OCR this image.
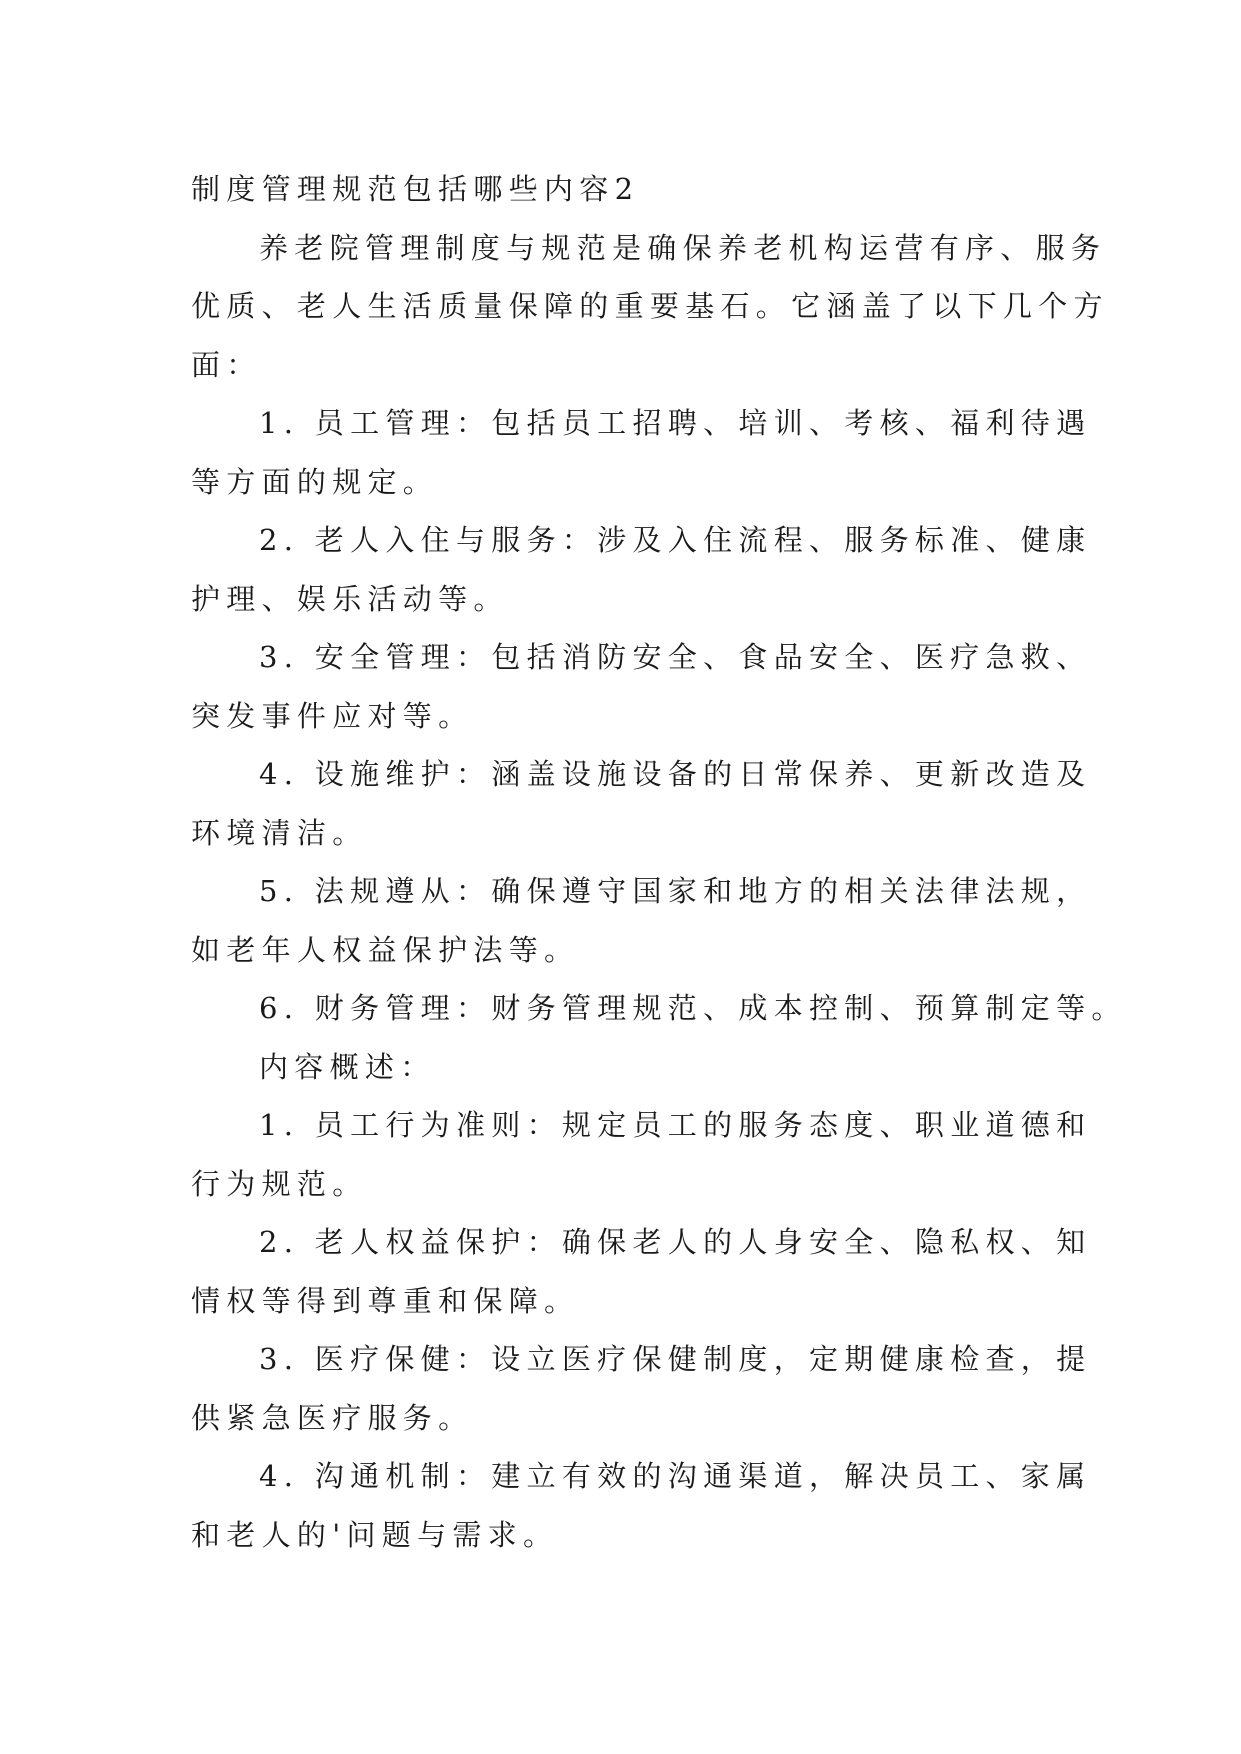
制度管理规范包括哪些内容2
养老院管理制度与规范是确保养老机构运营有序、服务
优质、老人生活质量保障的重要基石。它涵盖了以下几个方
面：
1. 员工管理：包括员工招聘、培训、考核、福利待遇
等方面的规定。
2. 老人入住与服务：涉及入住流程、服务标准、健康
护理、娱乐活动等。
3. 安全管理：包括消防安全、食品安全、医疗急救、
突发事件应对等。
4. 设施维护：涵盖设施设备的日常保养、更新改造及
环境清洁。
5. 法规遵从：确保遵守国家和地方的相关法律法规，
如老年人权益保护法等。
6. 财务管理：财务管理规范、成本控制、预算制定等。
内容概述：
1. 员工行为准则：规定员工的服务态度、职业道德和
行为规范。
2. 老人权益保护：确保老人的人身安全、隐私权、知
情权等得到尊重和保障。
3. 医疗保健：设立医疗保健制度，定期健康检查，提
供紧急医疗服务。
4. 沟通机制：建立有效的沟通渠道，解决员工、家属
和老人的'问题与需求。
